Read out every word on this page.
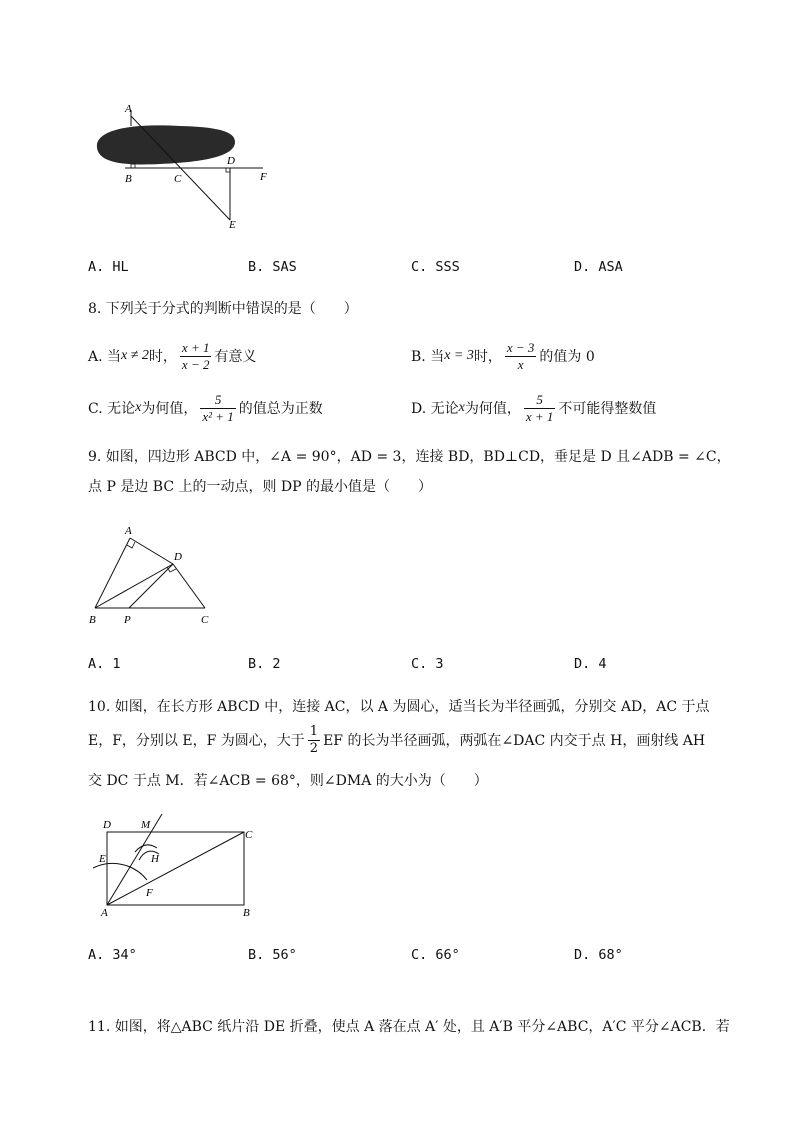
A
B	C
D
F
E
A. HL	B. SAS	C. SSS	D. ASA
8. 下列关于分式的判断中错误的是（　　）
A. 当 x ≠ 2 时， $\frac{x + 1}{x - 2}$ 有意义	B. 当 x = 3 时， $\frac{x - 3}{x}$ 的值为 0
C. 无论 x 为何值， $\frac{5}{\text{x² + 1}}$ 的值总为正数	D. 无论 x 为何值， $\frac{5}{x + 1}$ 不可能得整数值
9. 如图，四边形 ABCD 中，∠A = 90°，AD = 3，连接 BD，BD⊥CD，垂足是 D 且∠ADB = ∠C，
点 P 是边 BC 上的一动点，则 DP 的最小值是（　　）
A
D
B	P	C
A. 1	B. 2	C. 3	D. 4
10. 如图，在长方形 ABCD 中，连接 AC，以 A 为圆心，适当长为半径画弧，分别交 AD，AC 于点
E，F，分别以 E，F 为圆心，大于 $\frac{1}{2}$ EF 的长为半径画弧，两弧在∠DAC 内交于点 H，画射线 AH
交 DC 于点 M．若∠ACB = 68°，则∠DMA 的大小为（　　）
D	M
C
E	H
F
A	B
A. 34°	B. 56°	C. 66°	D. 68°
11. 如图，将△ABC 纸片沿 DE 折叠，使点 A 落在点 A′ 处，且 A′B 平分∠ABC，A′C 平分∠ACB．若
